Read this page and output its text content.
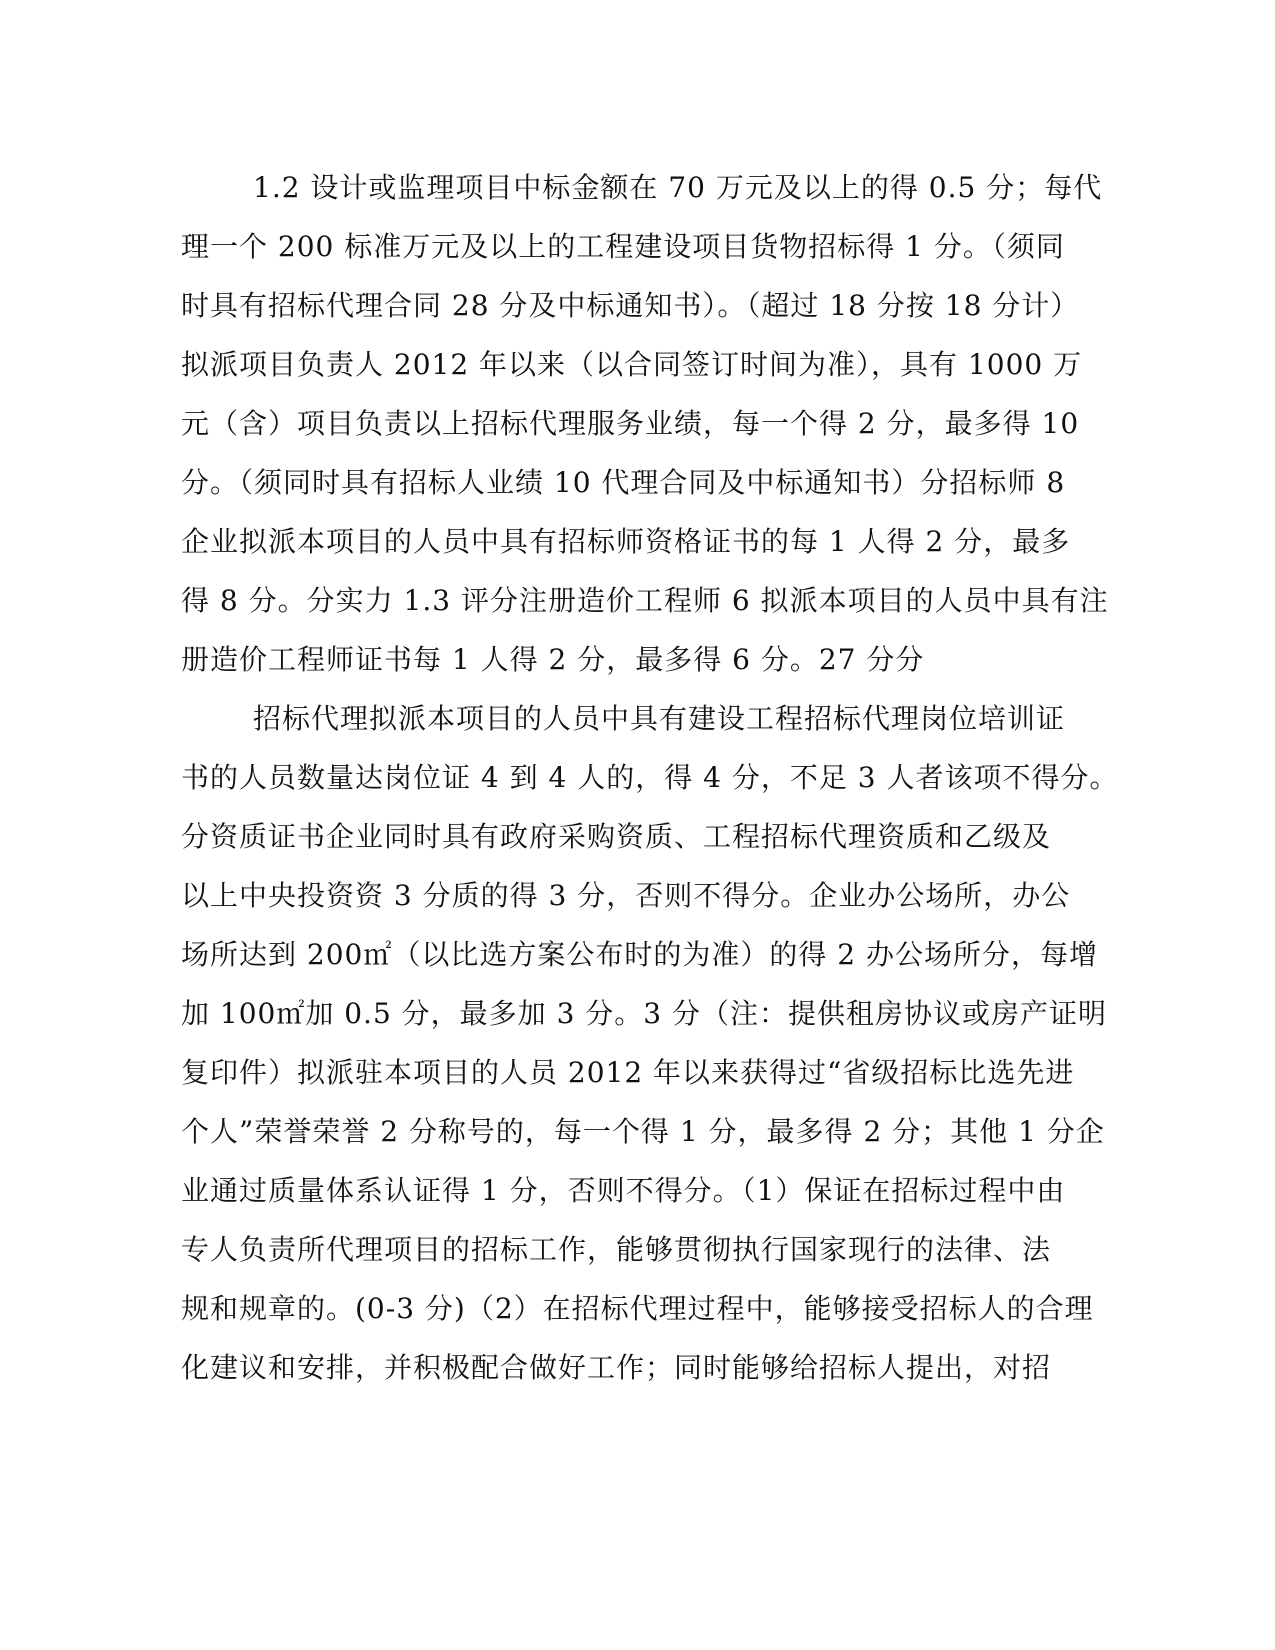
1.2 设计或监理项目中标金额在 70 万元及以上的得 0.5 分；每代
理一个 200 标准万元及以上的工程建设项目货物招标得 1 分。（须同
时具有招标代理合同 28 分及中标通知书）。（超过 18 分按 18 分计）
拟派项目负责人 2012 年以来（以合同签订时间为准），具有 1000 万
元（含）项目负责以上招标代理服务业绩，每一个得 2 分，最多得 10
分。（须同时具有招标人业绩 10 代理合同及中标通知书）分招标师 8
企业拟派本项目的人员中具有招标师资格证书的每 1 人得 2 分，最多
得 8 分。分实力 1.3 评分注册造价工程师 6 拟派本项目的人员中具有注
册造价工程师证书每 1 人得 2 分，最多得 6 分。27 分分
招标代理拟派本项目的人员中具有建设工程招标代理岗位培训证
书的人员数量达岗位证 4 到 4 人的，得 4 分，不足 3 人者该项不得分。
分资质证书企业同时具有政府采购资质、工程招标代理资质和乙级及
以上中央投资资 3 分质的得 3 分，否则不得分。企业办公场所，办公
场所达到 200㎡（以比选方案公布时的为准）的得 2 办公场所分，每增
加 100㎡加 0.5 分，最多加 3 分。3 分（注：提供租房协议或房产证明
复印件）拟派驻本项目的人员 2012 年以来获得过“省级招标比选先进
个人”荣誉荣誉 2 分称号的，每一个得 1 分，最多得 2 分；其他 1 分企
业通过质量体系认证得 1 分，否则不得分。（1）保证在招标过程中由
专人负责所代理项目的招标工作，能够贯彻执行国家现行的法律、法
规和规章的。(0-3 分)（2）在招标代理过程中，能够接受招标人的合理
化建议和安排，并积极配合做好工作；同时能够给招标人提出，对招
